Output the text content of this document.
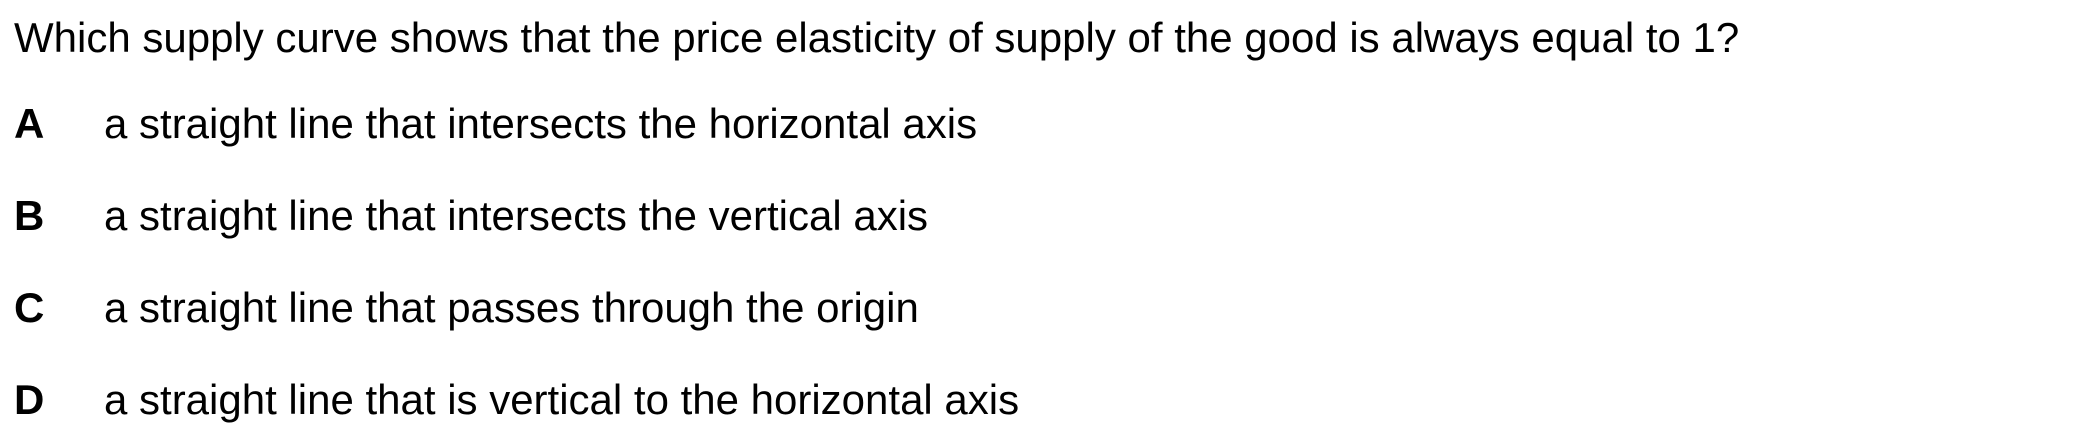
Which supply curve shows that the price elasticity of supply of the good is always equal to 1?

A	a straight line that intersects the horizontal axis
B	a straight line that intersects the vertical axis
C	a straight line that passes through the origin
D	a straight line that is vertical to the horizontal axis
